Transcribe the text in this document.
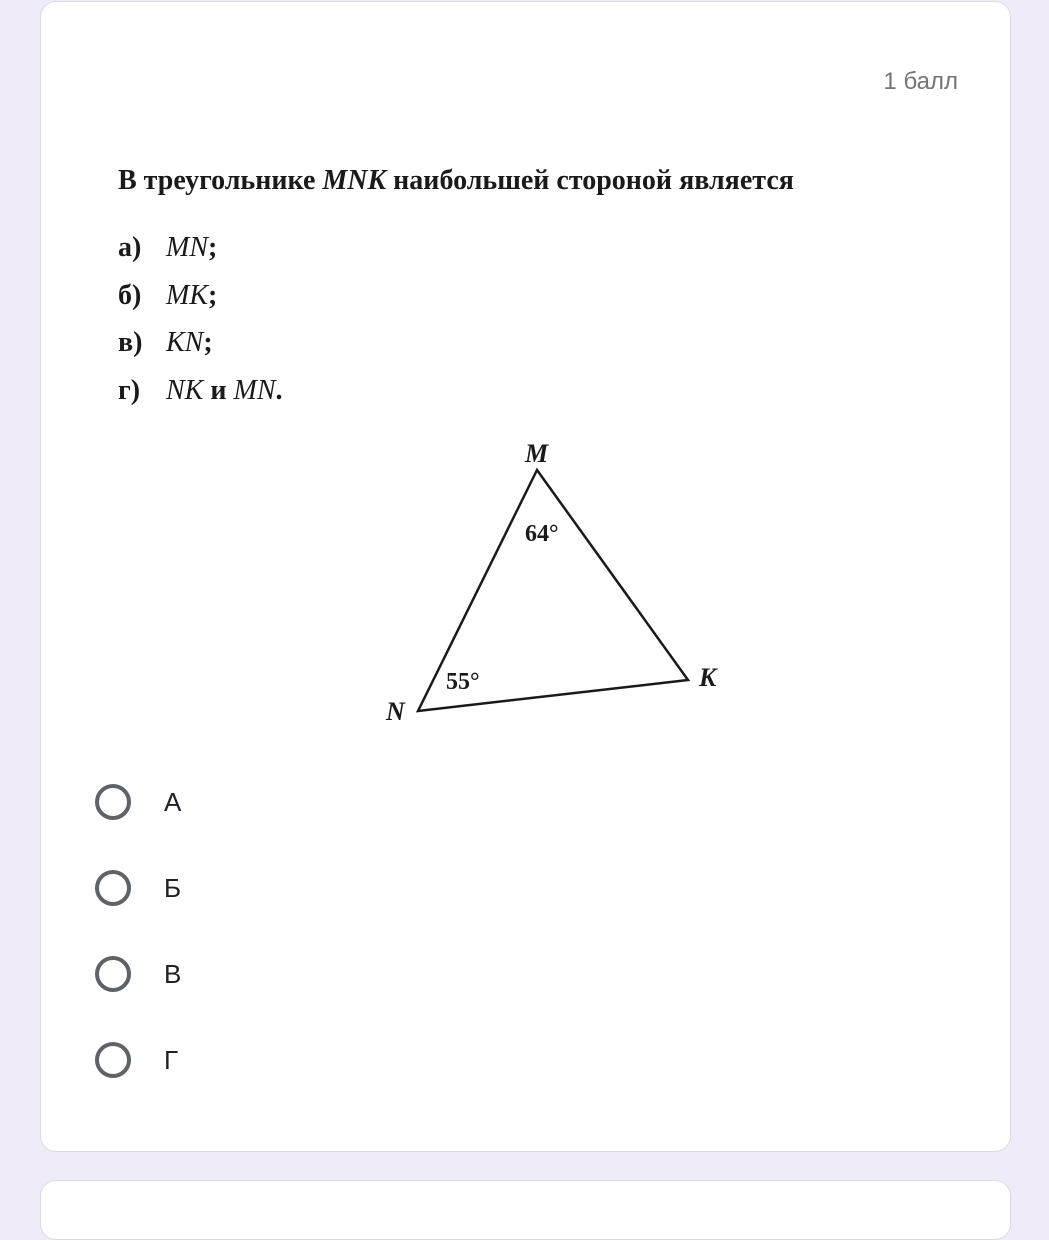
1 балл
В треугольнике MNK наибольшей стороной является
а) MN;
б) MK;
в) KN;
г) NK и MN.
M
N
K
64°
55°
А
Б
В
Г
